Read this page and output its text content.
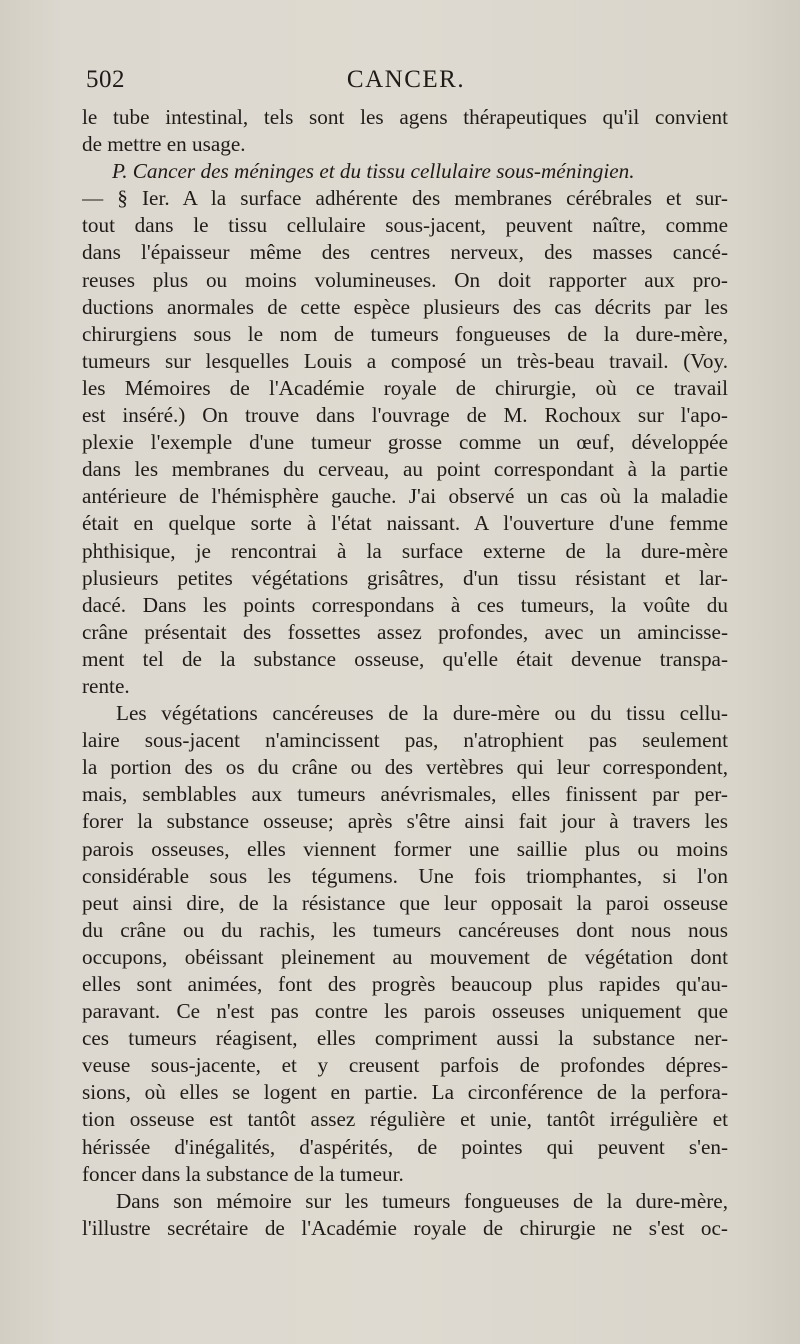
502	CANCER.
le tube intestinal, tels sont les agens thérapeutiques qu'il convient
de mettre en usage.
P. Cancer des méninges et du tissu cellulaire sous-méningien.
— § Ier. A la surface adhérente des membranes cérébrales et sur-
tout dans le tissu cellulaire sous-jacent, peuvent naître, comme
dans l'épaisseur même des centres nerveux, des masses cancé-
reuses plus ou moins volumineuses. On doit rapporter aux pro-
ductions anormales de cette espèce plusieurs des cas décrits par les
chirurgiens sous le nom de tumeurs fongueuses de la dure-mère,
tumeurs sur lesquelles Louis a composé un très-beau travail. (Voy.
les Mémoires de l'Académie royale de chirurgie, où ce travail
est inséré.) On trouve dans l'ouvrage de M. Rochoux sur l'apo-
plexie l'exemple d'une tumeur grosse comme un œuf, développée
dans les membranes du cerveau, au point correspondant à la partie
antérieure de l'hémisphère gauche. J'ai observé un cas où la maladie
était en quelque sorte à l'état naissant. A l'ouverture d'une femme
phthisique, je rencontrai à la surface externe de la dure-mère
plusieurs petites végétations grisâtres, d'un tissu résistant et lar-
dacé. Dans les points correspondans à ces tumeurs, la voûte du
crâne présentait des fossettes assez profondes, avec un amincisse-
ment tel de la substance osseuse, qu'elle était devenue transpa-
rente.
Les végétations cancéreuses de la dure-mère ou du tissu cellu-
laire sous-jacent n'amincissent pas, n'atrophient pas seulement
la portion des os du crâne ou des vertèbres qui leur correspondent,
mais, semblables aux tumeurs anévrismales, elles finissent par per-
forer la substance osseuse; après s'être ainsi fait jour à travers les
parois osseuses, elles viennent former une saillie plus ou moins
considérable sous les tégumens. Une fois triomphantes, si l'on
peut ainsi dire, de la résistance que leur opposait la paroi osseuse
du crâne ou du rachis, les tumeurs cancéreuses dont nous nous
occupons, obéissant pleinement au mouvement de végétation dont
elles sont animées, font des progrès beaucoup plus rapides qu'au-
paravant. Ce n'est pas contre les parois osseuses uniquement que
ces tumeurs réagisent, elles compriment aussi la substance ner-
veuse sous-jacente, et y creusent parfois de profondes dépres-
sions, où elles se logent en partie. La circonférence de la perfora-
tion osseuse est tantôt assez régulière et unie, tantôt irrégulière et
hérissée d'inégalités, d'aspérités, de pointes qui peuvent s'en-
foncer dans la substance de la tumeur.
Dans son mémoire sur les tumeurs fongueuses de la dure-mère,
l'illustre secrétaire de l'Académie royale de chirurgie ne s'est oc-
